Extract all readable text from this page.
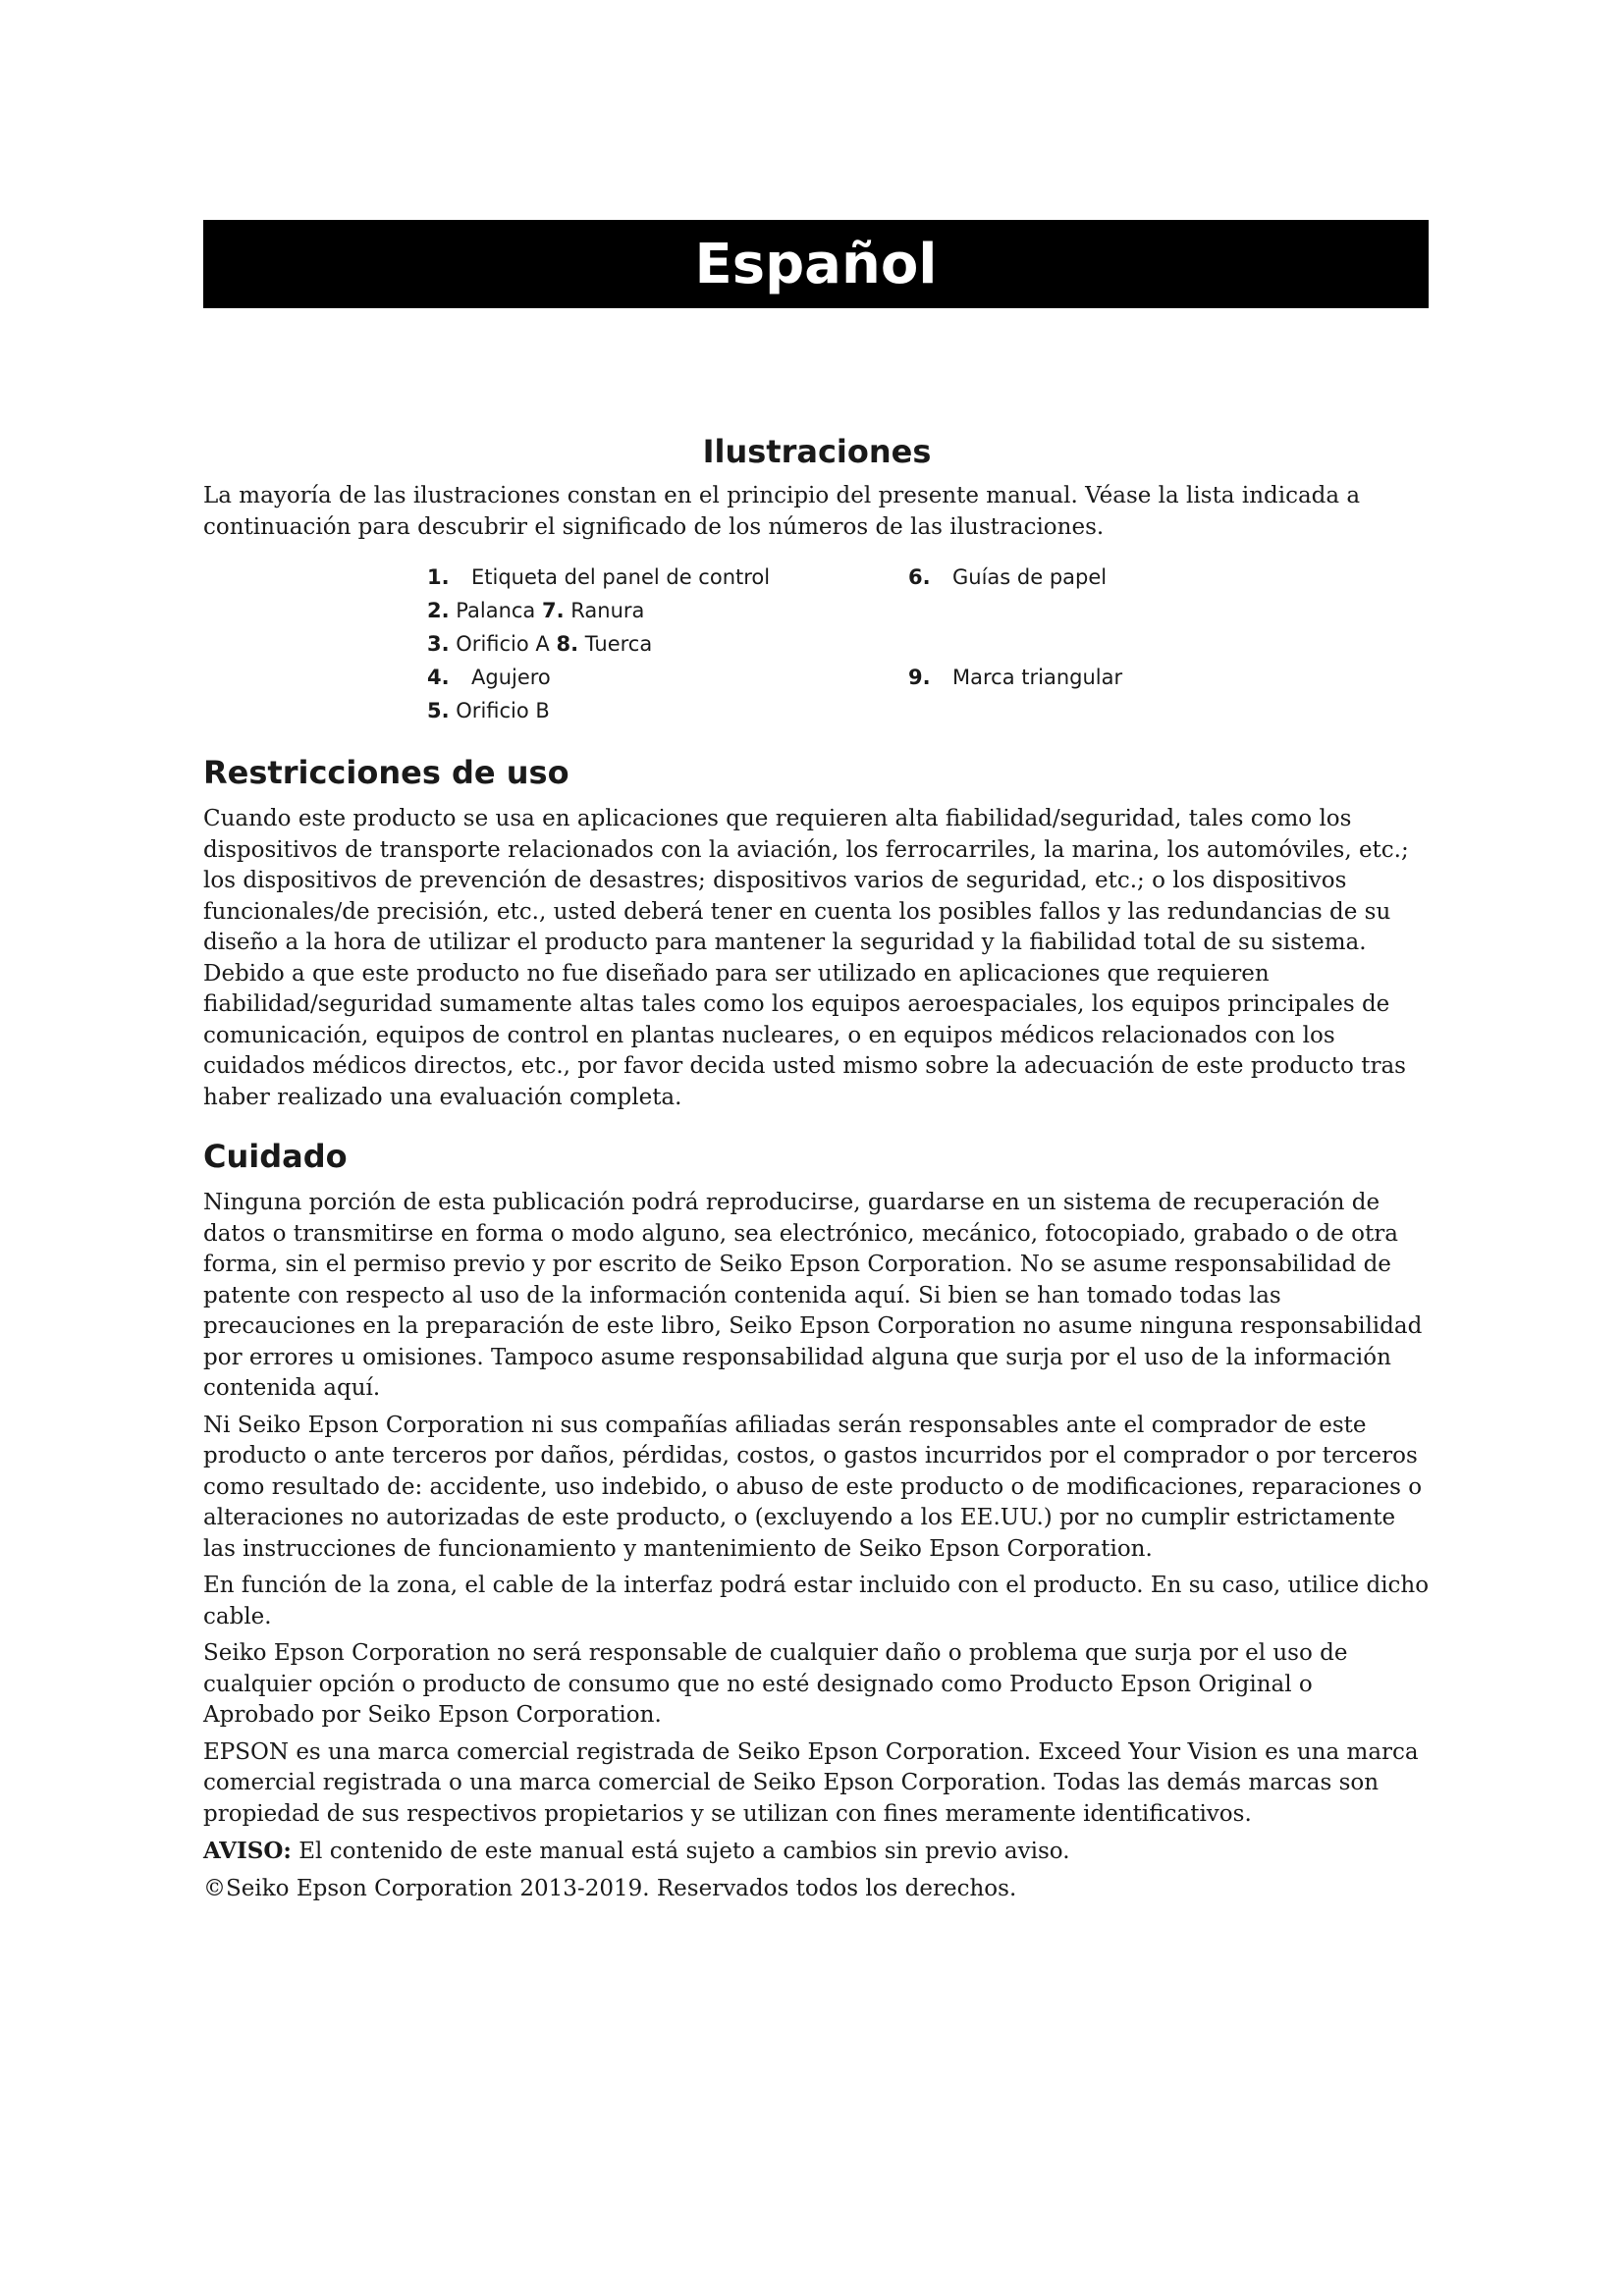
Español
Ilustraciones

La mayoría de las ilustraciones constan en el principio del presente manual. Véase la lista indicada a continuación para descubrir el significado de los números de las ilustraciones.

1. Etiqueta del panel de control	6. Guías de papel
2. Palanca 7. Ranura
3. Orificio A 8. Tuerca
4. Agujero	9. Marca triangular
5. Orificio B
Restricciones de uso

Cuando este producto se usa en aplicaciones que requieren alta fiabilidad/seguridad, tales como los dispositivos de transporte relacionados con la aviación, los ferrocarriles, la marina, los automóviles, etc.; los dispositivos de prevención de desastres; dispositivos varios de seguridad, etc.; o los dispositivos funcionales/de precisión, etc., usted deberá tener en cuenta los posibles fallos y las redundancias de su diseño a la hora de utilizar el producto para mantener la seguridad y la fiabilidad total de su sistema. Debido a que este producto no fue diseñado para ser utilizado en aplicaciones que requieren fiabilidad/seguridad sumamente altas tales como los equipos aeroespaciales, los equipos principales de comunicación, equipos de control en plantas nucleares, o en equipos médicos relacionados con los cuidados médicos directos, etc., por favor decida usted mismo sobre la adecuación de este producto tras haber realizado una evaluación completa.

Cuidado

Ninguna porción de esta publicación podrá reproducirse, guardarse en un sistema de recuperación de datos o transmitirse en forma o modo alguno, sea electrónico, mecánico, fotocopiado, grabado o de otra forma, sin el permiso previo y por escrito de Seiko Epson Corporation. No se asume responsabilidad de patente con respecto al uso de la información contenida aquí. Si bien se han tomado todas las precauciones en la preparación de este libro, Seiko Epson Corporation no asume ninguna responsabilidad por errores u omisiones. Tampoco asume responsabilidad alguna que surja por el uso de la información contenida aquí.

Ni Seiko Epson Corporation ni sus compañías afiliadas serán responsables ante el comprador de este producto o ante terceros por daños, pérdidas, costos, o gastos incurridos por el comprador o por terceros como resultado de: accidente, uso indebido, o abuso de este producto o de modificaciones, reparaciones o alteraciones no autorizadas de este producto, o (excluyendo a los EE.UU.) por no cumplir estrictamente las instrucciones de funcionamiento y mantenimiento de Seiko Epson Corporation.

En función de la zona, el cable de la interfaz podrá estar incluido con el producto. En su caso, utilice dicho cable.

Seiko Epson Corporation no será responsable de cualquier daño o problema que surja por el uso de cualquier opción o producto de consumo que no esté designado como Producto Epson Original o Aprobado por Seiko Epson Corporation.

EPSON es una marca comercial registrada de Seiko Epson Corporation. Exceed Your Vision es una marca comercial registrada o una marca comercial de Seiko Epson Corporation. Todas las demás marcas son propiedad de sus respectivos propietarios y se utilizan con fines meramente identificativos.

AVISO: El contenido de este manual está sujeto a cambios sin previo aviso.

©Seiko Epson Corporation 2013-2019. Reservados todos los derechos.
